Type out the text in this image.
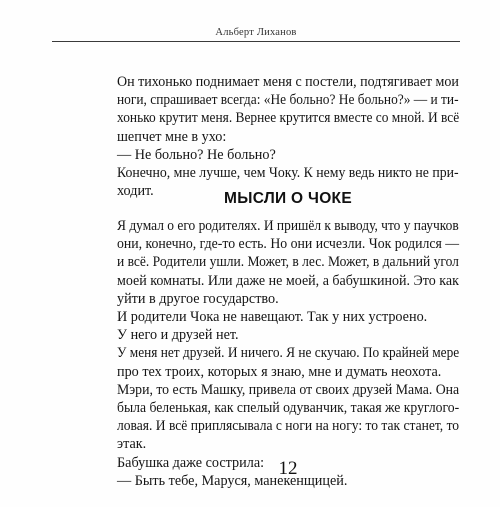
Альберт Лиханов
Он тихонько поднимает меня с постели, подтягивает мои
ноги, спрашивает всегда: «Не больно? Не больно?» — и ти-
хонько крутит меня. Вернее крутится вместе со мной. И всё
шепчет мне в ухо:
— Не больно? Не больно?
Конечно, мне лучше, чем Чоку. К нему ведь никто не при-
ходит.	МЫСЛИ О ЧОКЕ
Я думал о его родителях. И пришёл к выводу, что у паучков
они, конечно, где-то есть. Но они исчезли. Чок родился —
и всё. Родители ушли. Может, в лес. Может, в дальний угол
моей комнаты. Или даже не моей, а бабушкиной. Это как
уйти в другое государство.
И родители Чока не навещают. Так у них устроено.
У него и друзей нет.
У меня нет друзей. И ничего. Я не скучаю. По крайней мере
про тех троих, которых я знаю, мне и думать неохота.
Мэри, то есть Машку, привела от своих друзей Мама. Она
была беленькая, как спелый одуванчик, такая же круглого-
ловая. И всё приплясывала с ноги на ногу: то так станет, то
этак.
Бабушка даже сострила:
— Быть тебе, Маруся, манекенщицей.
12
